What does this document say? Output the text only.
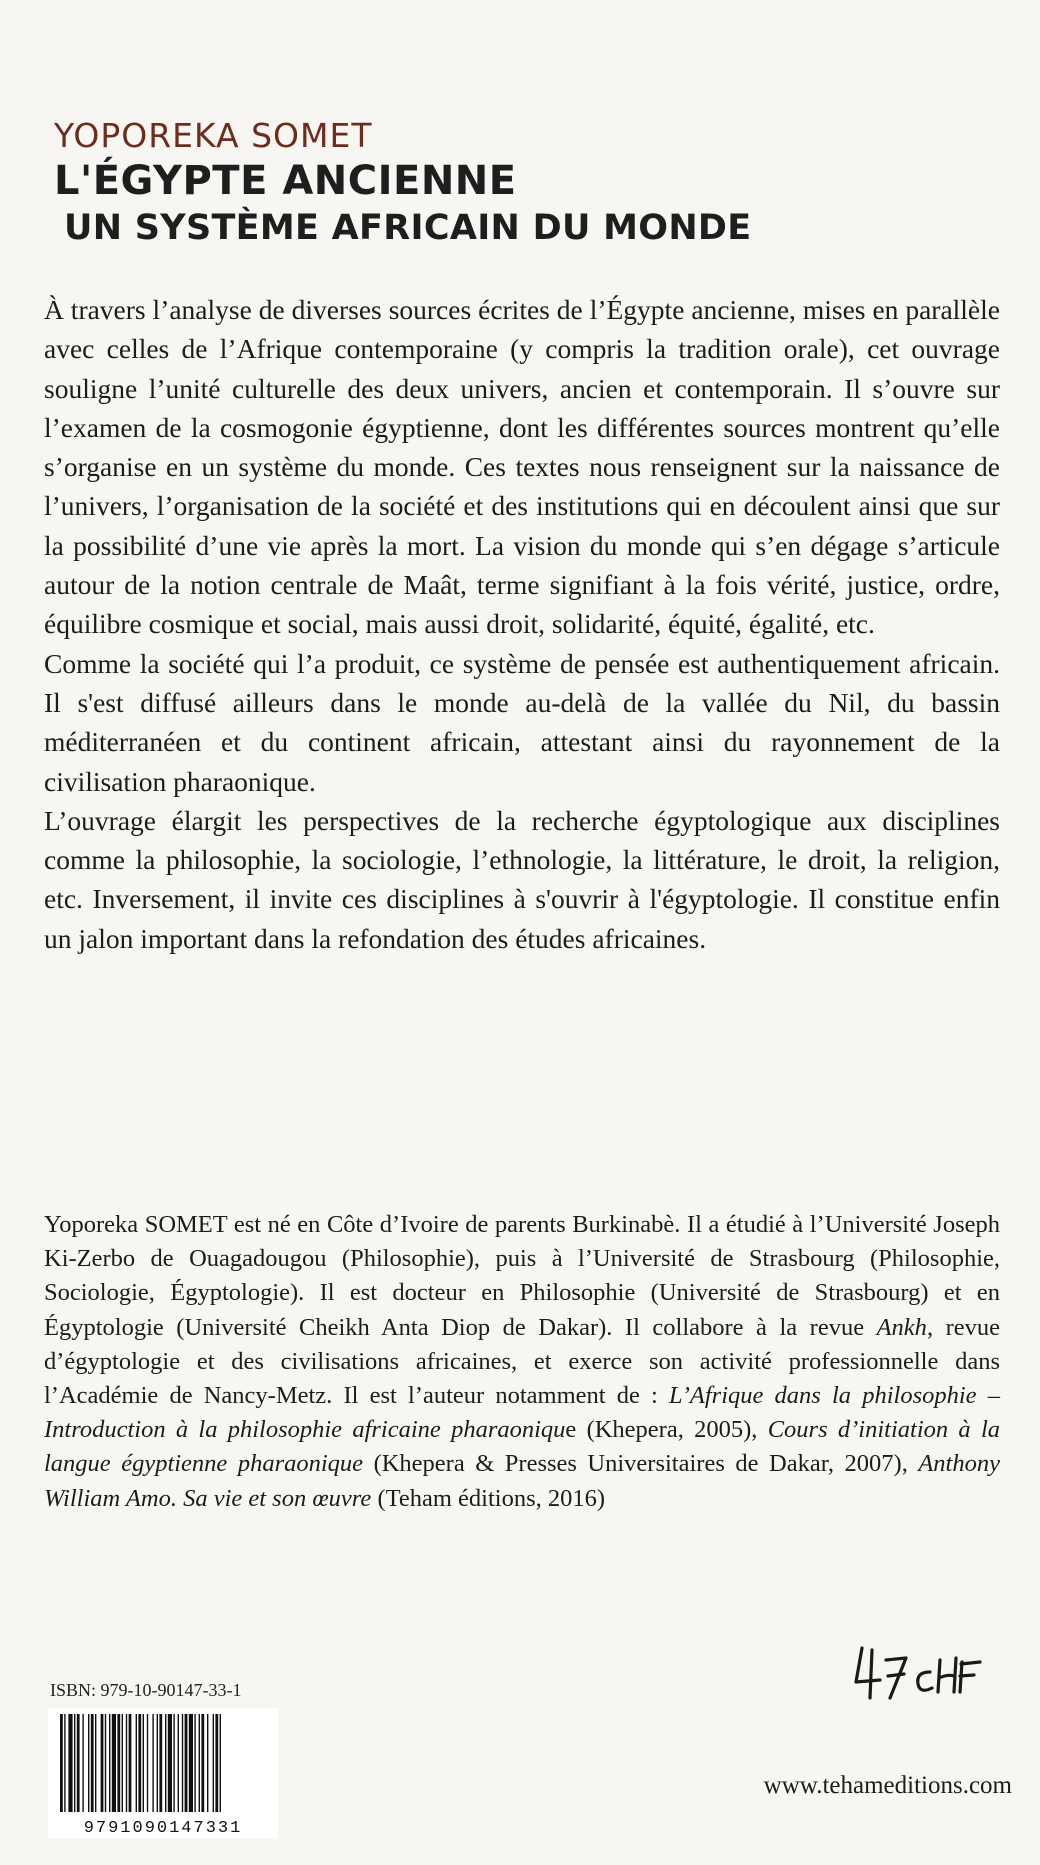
YOPOREKA SOMET
L'ÉGYPTE ANCIENNE
UN SYSTÈME AFRICAIN DU MONDE

À travers l’analyse de diverses sources écrites de l’Égypte ancienne, mises en parallèle avec celles de l’Afrique contemporaine (y compris la tradition orale), cet ouvrage souligne l’unité culturelle des deux univers, ancien et contemporain. Il s’ouvre sur l’examen de la cosmogonie égyptienne, dont les différentes sources montrent qu’elle s’organise en un système du monde. Ces textes nous renseignent sur la naissance de l’univers, l’organisation de la société et des institutions qui en découlent ainsi que sur la possibilité d’une vie après la mort. La vision du monde qui s’en dégage s’articule autour de la notion centrale de Maât, terme signifiant à la fois vérité, justice, ordre, équilibre cosmique et social, mais aussi droit, solidarité, équité, égalité, etc.

Comme la société qui l’a produit, ce système de pensée est authentiquement africain. Il s'est diffusé ailleurs dans le monde au-delà de la vallée du Nil, du bassin méditerranéen et du continent africain, attestant ainsi du rayonnement de la civilisation pharaonique.

L’ouvrage élargit les perspectives de la recherche égyptologique aux disciplines comme la philosophie, la sociologie, l’ethnologie, la littérature, le droit, la religion, etc. Inversement, il invite ces disciplines à s'ouvrir à l'égyptologie. Il constitue enfin un jalon important dans la refondation des études africaines.

Yoporeka SOMET est né en Côte d’Ivoire de parents Burkinabè. Il a étudié à l’Université Joseph Ki-Zerbo de Ouagadougou (Philosophie), puis à l’Université de Strasbourg (Philosophie, Sociologie, Égyptologie). Il est docteur en Philosophie (Université de Strasbourg) et en Égyptologie (Université Cheikh Anta Diop de Dakar). Il collabore à la revue Ankh, revue d’égyptologie et des civilisations africaines, et exerce son activité professionnelle dans l’Académie de Nancy-Metz. Il est l’auteur notamment de : L’Afrique dans la philosophie – Introduction à la philosophie africaine pharaonique (Khepera, 2005), Cours d’initiation à la langue égyptienne pharaonique (Khepera & Presses Universitaires de Dakar, 2007), Anthony William Amo. Sa vie et son œuvre (Teham éditions, 2016)

ISBN: 979-10-90147-33-1
9791090147331
www.tehameditions.com
